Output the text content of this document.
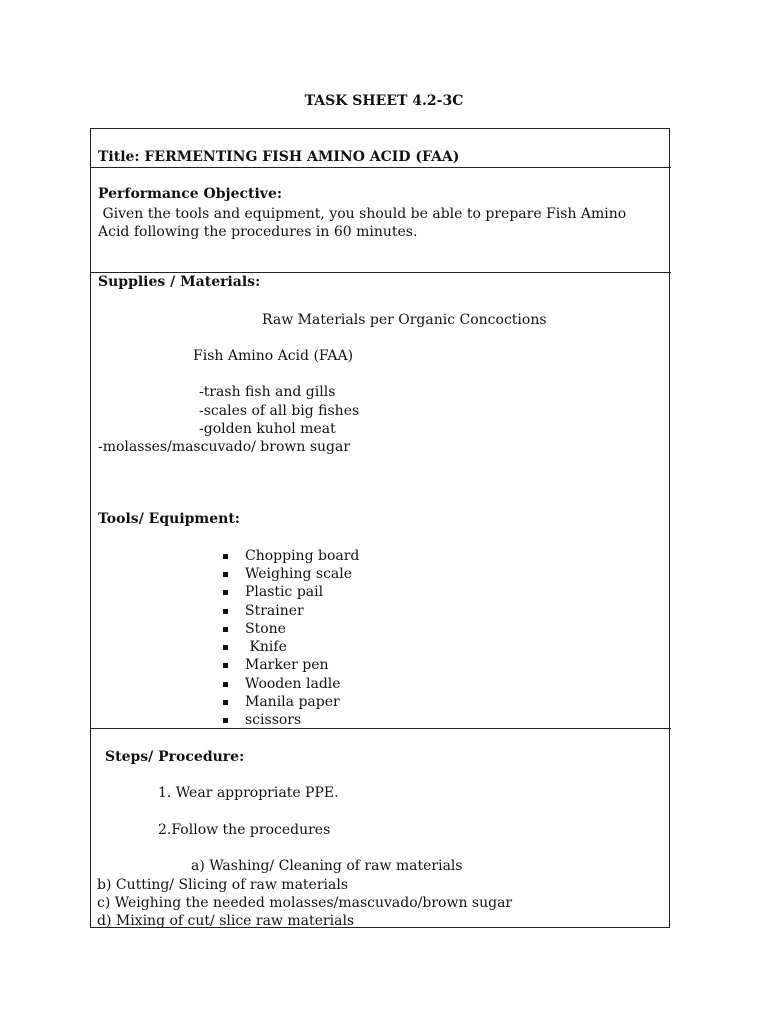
TASK SHEET 4.2-3C
Title: FERMENTING FISH AMINO ACID (FAA)
Performance Objective:
Given the tools and equipment, you should be able to prepare Fish Amino
Acid following the procedures in 60 minutes.
Supplies / Materials:
Raw Materials per Organic Concoctions
Fish Amino Acid (FAA)
-trash fish and gills
-scales of all big fishes
-golden kuhol meat
-molasses/mascuvado/ brown sugar
Tools/ Equipment:
Chopping board
Weighing scale
Plastic pail
Strainer
Stone
Knife
Marker pen
Wooden ladle
Manila paper
scissors
Steps/ Procedure:
1. Wear appropriate PPE.
2.Follow the procedures
a) Washing/ Cleaning of raw materials
b) Cutting/ Slicing of raw materials
c) Weighing the needed molasses/mascuvado/brown sugar
d) Mixing of cut/ slice raw materials
